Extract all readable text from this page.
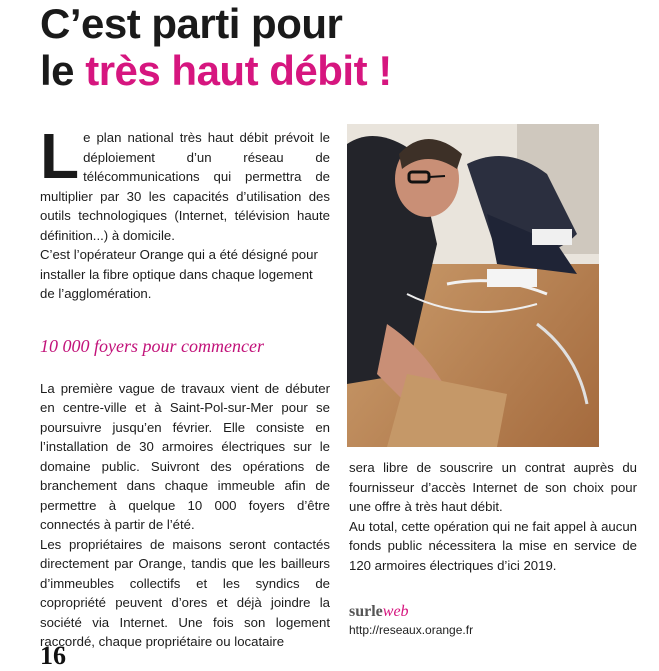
C’est parti pour
le très haut débit !

Le plan national très haut débit prévoit le déploiement d’un réseau de télécommunications qui permettra de multiplier par 30 les capacités d’utilisation des outils technologiques (Internet, télévision haute définition...) à domicile.

C’est l’opérateur Orange qui a été désigné pour installer la fibre optique dans chaque logement de l’agglomération.

10 000 foyers pour commencer

La première vague de travaux vient de débuter en centre-ville et à Saint-Pol-sur-Mer pour se poursuivre jusqu’en février. Elle consiste en l’installation de 30 armoires électriques sur le domaine public. Suivront des opérations de branchement dans chaque immeuble afin de permettre à quelque 10 000 foyers d’être connectés à partir de l’été.

Les propriétaires de maisons seront contactés directement par Orange, tandis que les bailleurs d’immeubles collectifs et les syndics de copropriété peuvent d’ores et déjà joindre la société via Internet. Une fois son logement raccordé, chaque propriétaire ou locataire

sera libre de souscrire un contrat auprès du fournisseur d’accès Internet de son choix pour une offre à très haut débit.

Au total, cette opération qui ne fait appel à aucun fonds public nécessitera la mise en service de 120 armoires électriques d’ici 2019.

surleweb
http://reseaux.orange.fr
16
